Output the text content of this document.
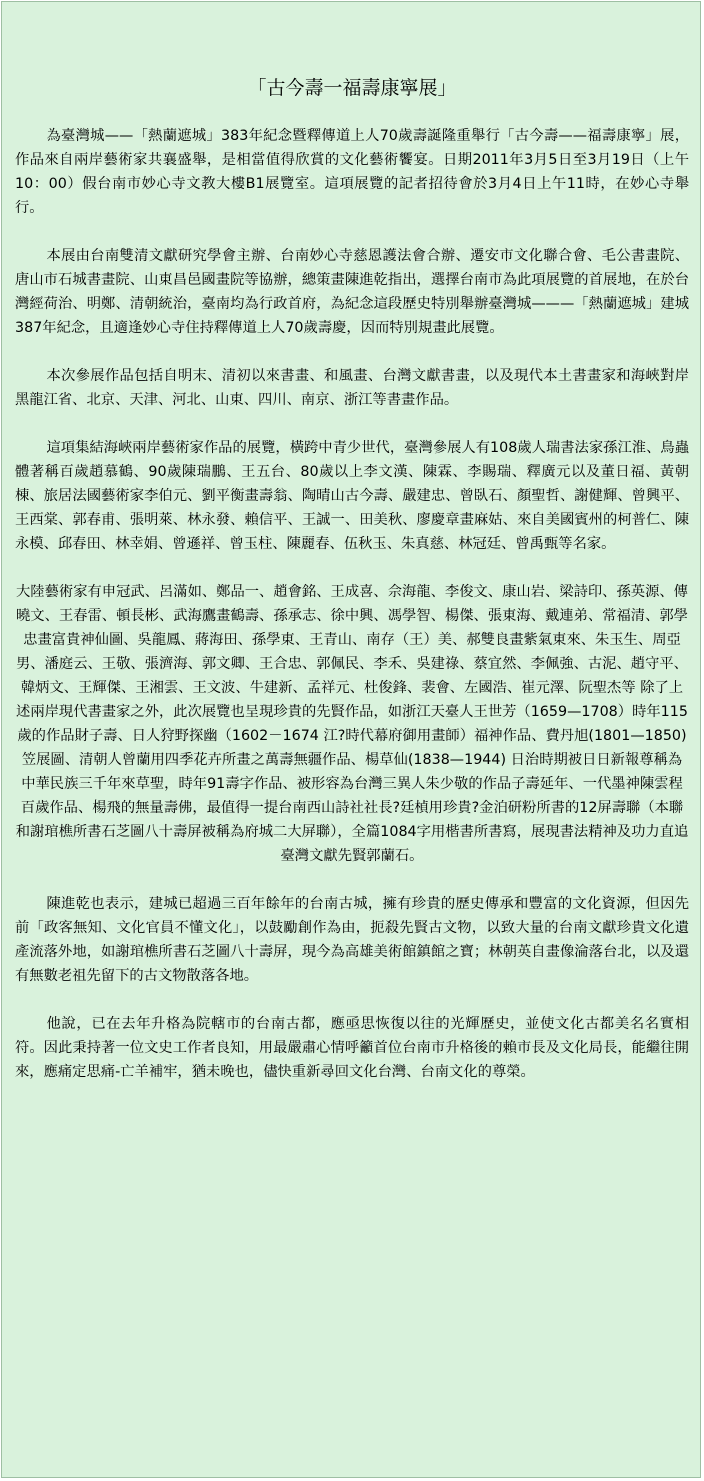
「古今壽一福壽康寧展」

為臺灣城——「熱蘭遮城」383年紀念暨釋傳道上人70歲壽誕隆重舉行「古今壽——福壽康寧」展，作品來自兩岸藝術家共襄盛舉，是相當值得欣賞的文化藝術饗宴。日期2011年3月5日至3月19日（上午10：00）假台南市妙心寺文教大樓B1展覽室。這項展覽的記者招待會於3月4日上午11時，在妙心寺舉行。

本展由台南雙清文獻研究學會主辦、台南妙心寺慈恩護法會合辦、遷安市文化聯合會、毛公書畫院、唐山市石城書畫院、山東昌邑國畫院等協辦，總策畫陳進乾指出，選擇台南市為此項展覽的首展地，在於台灣經荷治、明鄭、清朝統治，臺南均為行政首府，為紀念這段歷史特別舉辦臺灣城———「熱蘭遮城」建城387年紀念，且適逢妙心寺住持釋傳道上人70歲壽慶，因而特別規畫此展覽。

本次參展作品包括自明末、清初以來書畫、和風畫、台灣文獻書畫，以及現代本土書畫家和海峽對岸黑龍江省、北京、天津、河北、山東、四川、南京、浙江等書畫作品。

這項集結海峽兩岸藝術家作品的展覽，橫跨中青少世代，臺灣參展人有108歲人瑞書法家孫江淮、鳥蟲體著稱百歲趙慕鶴、90歲陳瑞鵬、王五台、80歲以上李文漢、陳霖、李賜瑞、釋廣元以及董日福、黃朝棟、旅居法國藝術家李伯元、劉平衡畫壽翁、陶晴山古今壽、嚴建忠、曾臥石、顏聖哲、謝健輝、曾興平、王西棠、郭春甫、張明萊、林永發、賴信平、王誠一、田美秋、廖慶章畫麻姑、來自美國賓州的柯普仁、陳永模、邱春田、林幸娟、曾遜祥、曾玉柱、陳麗春、伍秋玉、朱真慈、林冠廷、曾禹甄等名家。

大陸藝術家有申冠武、呂滿如、鄭品一、趙會銘、王成喜、佘海龍、李俊文、康山岩、梁詩印、孫英源、傳曉文、王春雷、頓長彬、武海鷹畫鶴壽、孫承志、徐中興、馮學智、楊傑、張東海、戴連弟、常福清、郭學忠畫富貴神仙圖、吳龍鳳、蔣海田、孫學東、王青山、南存（王）美、郝雙良畫紫氣東來、朱玉生、周亞男、潘庭云、王敬、張濟海、郭文卿、王合忠、郭佩民、李禾、吳建祿、蔡宜然、李佩強、古泥、趙守平、韓炳文、王輝傑、王湘雲、王文波、牛建新、孟祥元、杜俊鋒、裴會、左國浩、崔元澤、阮聖杰等 除了上述兩岸現代書畫家之外，此次展覽也呈現珍貴的先賢作品，如浙江天臺人王世芳（1659—1708）時年115歲的作品財子壽、日人狩野探幽（1602－1674 江?時代幕府御用畫師）福神作品、費丹旭(1801—1850) 笠展圖、清朝人曾蘭用四季花卉所畫之萬壽無疆作品、楊草仙(1838—1944) 日治時期被日日新報尊稱為中華民族三千年來草聖，時年91壽字作品、被形容為台灣三異人朱少敬的作品子壽延年、一代墨神陳雲程百歲作品、楊飛的無量壽佛，最值得一提台南西山詩社社長?廷楨用珍貴?金泊研粉所書的12屏壽聯（本聯和謝琯樵所書石芝圖八十壽屏被稱為府城二大屏聯），全篇1084字用楷書所書寫，展現書法精神及功力直追臺灣文獻先賢郭蘭石。

陳進乾也表示，建城已超過三百年餘年的台南古城，擁有珍貴的歷史傳承和豐富的文化資源，但因先前「政客無知、文化官員不懂文化」，以鼓勵創作為由，扼殺先賢古文物，以致大量的台南文獻珍貴文化遺產流落外地，如謝琯樵所書石芝圖八十壽屏，現今為高雄美術館鎮館之寶；林朝英自畫像淪落台北，以及還有無數老祖先留下的古文物散落各地。

他說，已在去年升格為院轄市的台南古都，應亟思恢復以往的光輝歷史，並使文化古都美名名實相符。因此秉持著一位文史工作者良知，用最嚴肅心情呼籲首位台南市升格後的賴市長及文化局長，能繼往開來，應痛定思痛-亡羊補牢，猶未晚也，儘快重新尋回文化台灣、台南文化的尊榮。
